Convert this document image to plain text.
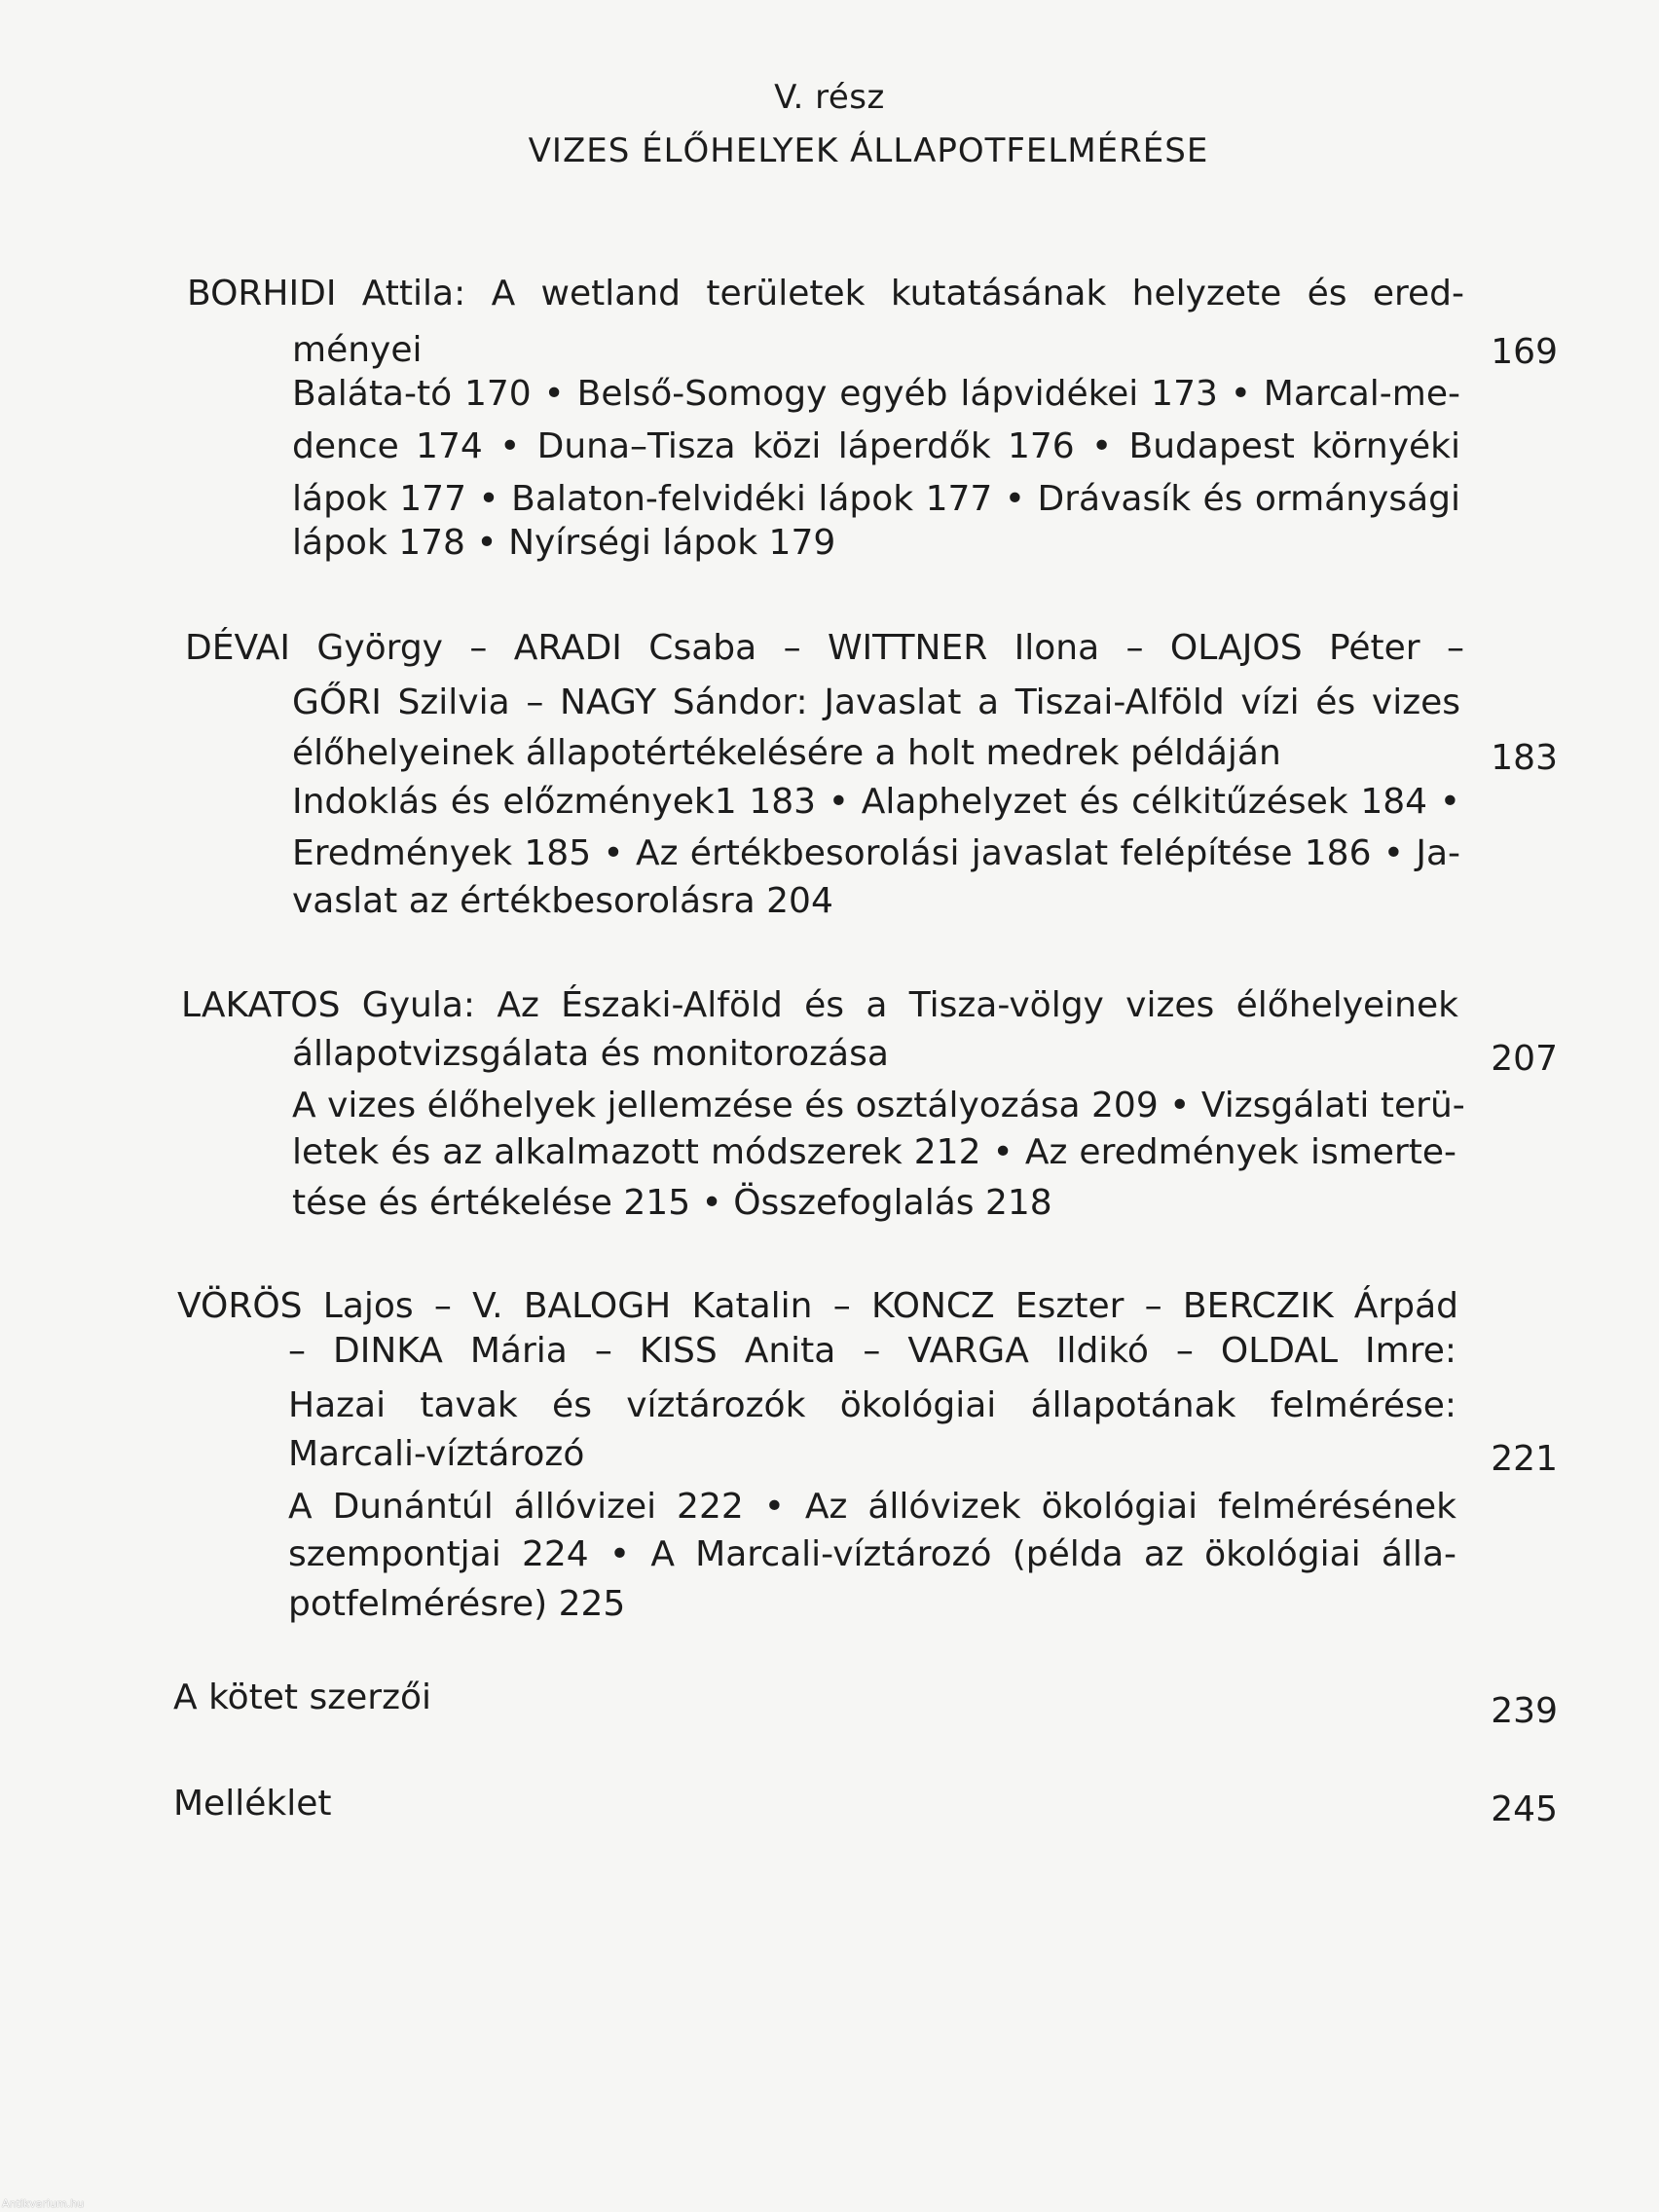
V. rész
VIZES ÉLŐHELYEK ÁLLAPOTFELMÉRÉSE
BORHIDI Attila: A wetland területek kutatásának helyzete és ered-
ményei	169
Baláta-tó 170 • Belső-Somogy egyéb lápvidékei 173 • Marcal-me-
dence 174 • Duna–Tisza közi láperdők 176 • Budapest környéki
lápok 177 • Balaton-felvidéki lápok 177 • Drávasík és ormánysági
lápok 178 • Nyírségi lápok 179
DÉVAI György – ARADI Csaba – WITTNER Ilona – OLAJOS Péter –
GŐRI Szilvia – NAGY Sándor: Javaslat a Tiszai-Alföld vízi és vizes
élőhelyeinek állapotértékelésére a holt medrek példáján	183
Indoklás és előzmények1 183 • Alaphelyzet és célkitűzések 184 •
Eredmények 185 • Az értékbesorolási javaslat felépítése 186 • Ja-
vaslat az értékbesorolásra 204
LAKATOS Gyula: Az Északi-Alföld és a Tisza-völgy vizes élőhelyeinek
állapotvizsgálata és monitorozása	207
A vizes élőhelyek jellemzése és osztályozása 209 • Vizsgálati terü-
letek és az alkalmazott módszerek 212 • Az eredmények ismerte-
tése és értékelése 215 • Összefoglalás 218
VÖRÖS Lajos – V. BALOGH Katalin – KONCZ Eszter – BERCZIK Árpád
– DINKA Mária – KISS Anita – VARGA Ildikó – OLDAL Imre:
Hazai tavak és víztározók ökológiai állapotának felmérése:
Marcali-víztározó	221
A Dunántúl állóvizei 222 • Az állóvizek ökológiai felmérésének
szempontjai 224 • A Marcali-víztározó (példa az ökológiai álla-
potfelmérésre) 225
A kötet szerzői	239
Melléklet	245
Antikvarium.hu
